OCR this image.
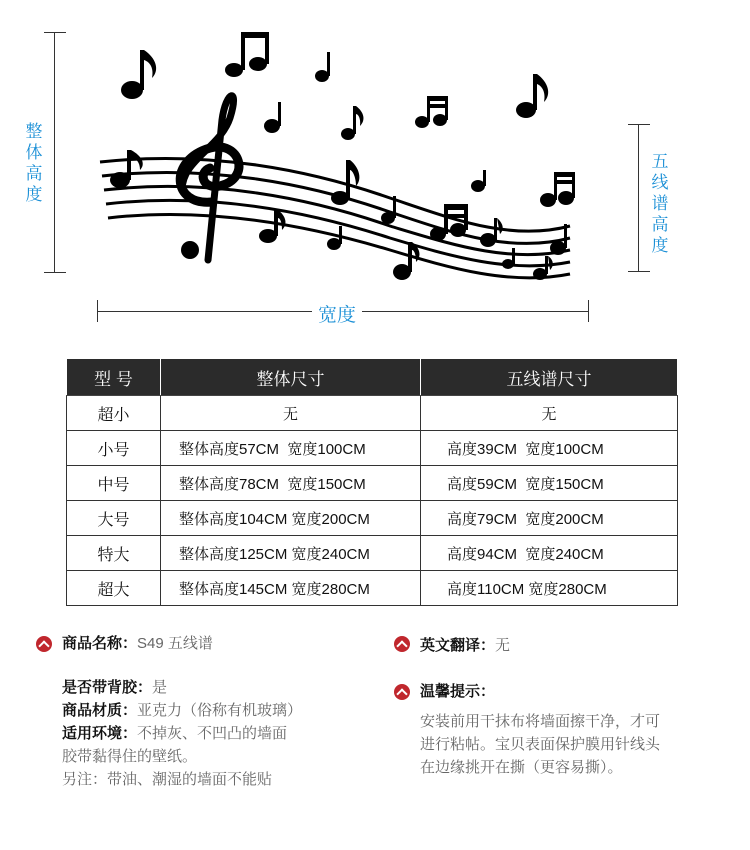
整体高度
五线谱高度
宽度
型 号	整体尺寸	五线谱尺寸
超小	无	无
小号	整体高度57CM  宽度100CM	高度39CM  宽度100CM
中号	整体高度78CM  宽度150CM	高度59CM  宽度150CM
大号	整体高度104CM 宽度200CM	高度79CM  宽度200CM
特大	整体高度125CM 宽度240CM	高度94CM  宽度240CM
超大	整体高度145CM 宽度280CM	高度110CM 宽度280CM
商品名称：S49 五线谱	英文翻译：无
是否带背胶：是
商品材质：亚克力（俗称有机玻璃）
适用环境：不掉灰、不凹凸的墙面
胶带黏得住的壁纸。
另注：带油、潮湿的墙面不能贴
温馨提示：
安装前用干抹布将墙面擦干净，才可
进行粘帖。宝贝表面保护膜用针线头
在边缘挑开在撕（更容易撕）。
